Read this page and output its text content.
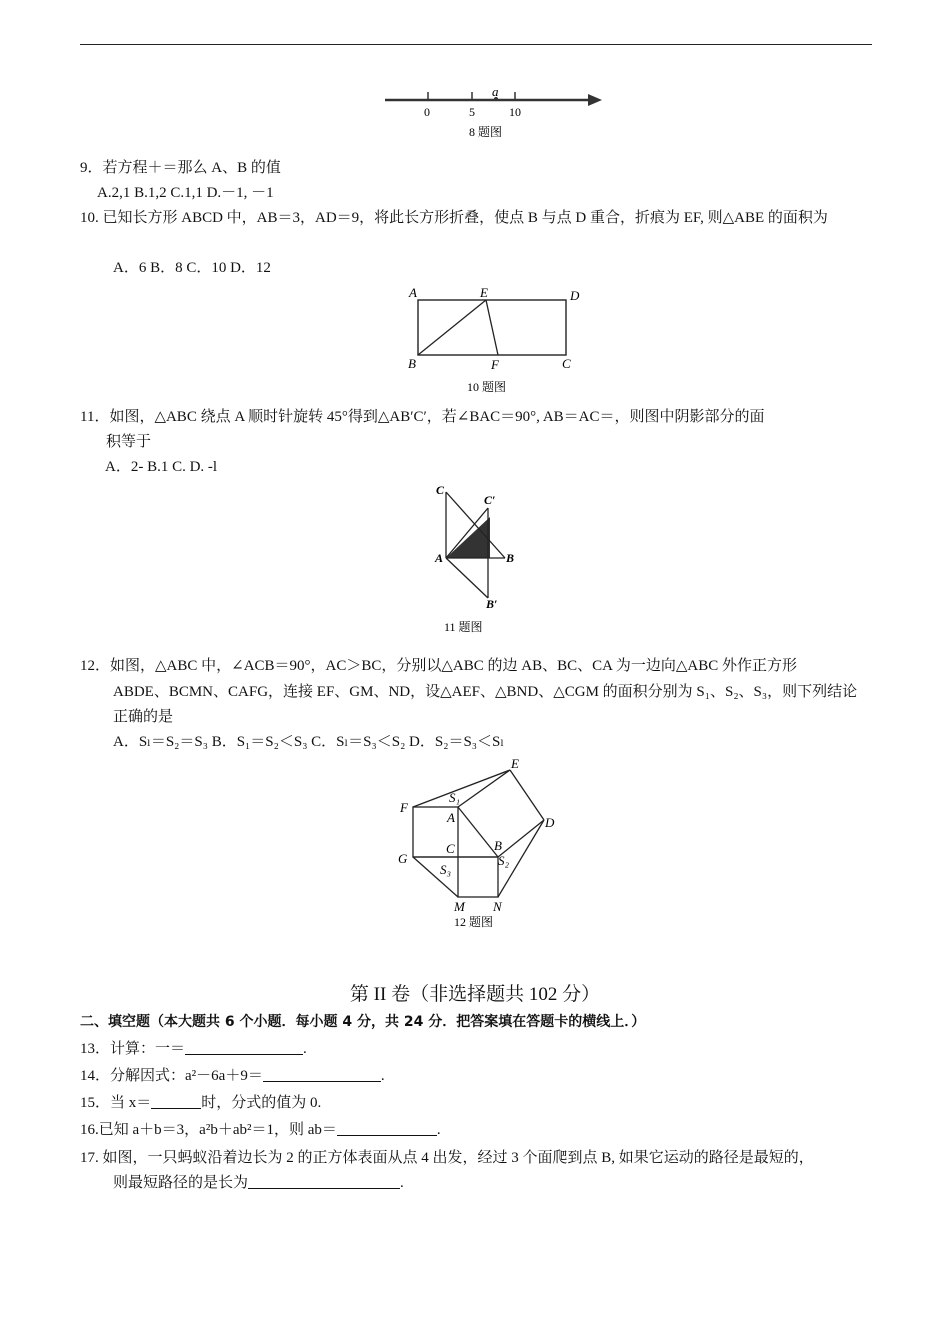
0	5	10
a
8 题图
9．若方程＋＝那么 A、B 的值
A.2,1 B.1,2 C.1,1 D.－1, －1
10. 已知长方形 ABCD 中，AB＝3，AD＝9，将此长方形折叠，使点 B 与点 D 重合，折痕为 EF, 则△ABE 的面积为
A．6 B．8 C．10 D．12
A	E	D
B	F	C
10 题图
11．如图，△ABC 绕点 A 顺时针旋转 45°得到△AB′C′，若∠BAC＝90°, AB＝AC＝，则图中阴影部分的面
积等于
A．2- B.1 C. D. -l
C
C′
A	B
B′
11 题图
12．如图，△ABC 中，∠ACB＝90°，AC＞BC，分别以△ABC 的边 AB、BC、CA 为一边向△ABC 外作正方形
ABDE、BCMN、CAFG，连接 EF、GM、ND，设△AEF、△BND、△CGM 的面积分别为 S₁、S₂、S₃，则下列结论
正确的是
A．Sₗ＝S₂＝S₃ B．S₁＝S₂＜S₃ C．Sₗ＝S₃＜S₂ D．S₂＝S₃＜Sₗ
E
F
S₁
A	D
C	B
G	S₂
S₃
M N
12 题图
第 II 卷（非选择题共 102 分）
二、填空题（本大题共 6 个小题．每小题 4 分，共 24 分．把答案填在答题卡的横线上．）
13．计算：一＝	.
14．分解因式：a²－6a＋9＝	.
15．当 x＝	时，分式的值为 0.
16.已知 a＋b＝3，a²b＋ab²＝1，则 ab＝	.
17. 如图，一只蚂蚁沿着边长为 2 的正方体表面从点 4 出发，经过 3 个面爬到点 B, 如果它运动的路径是最短的，
则最短路径的是长为	.
